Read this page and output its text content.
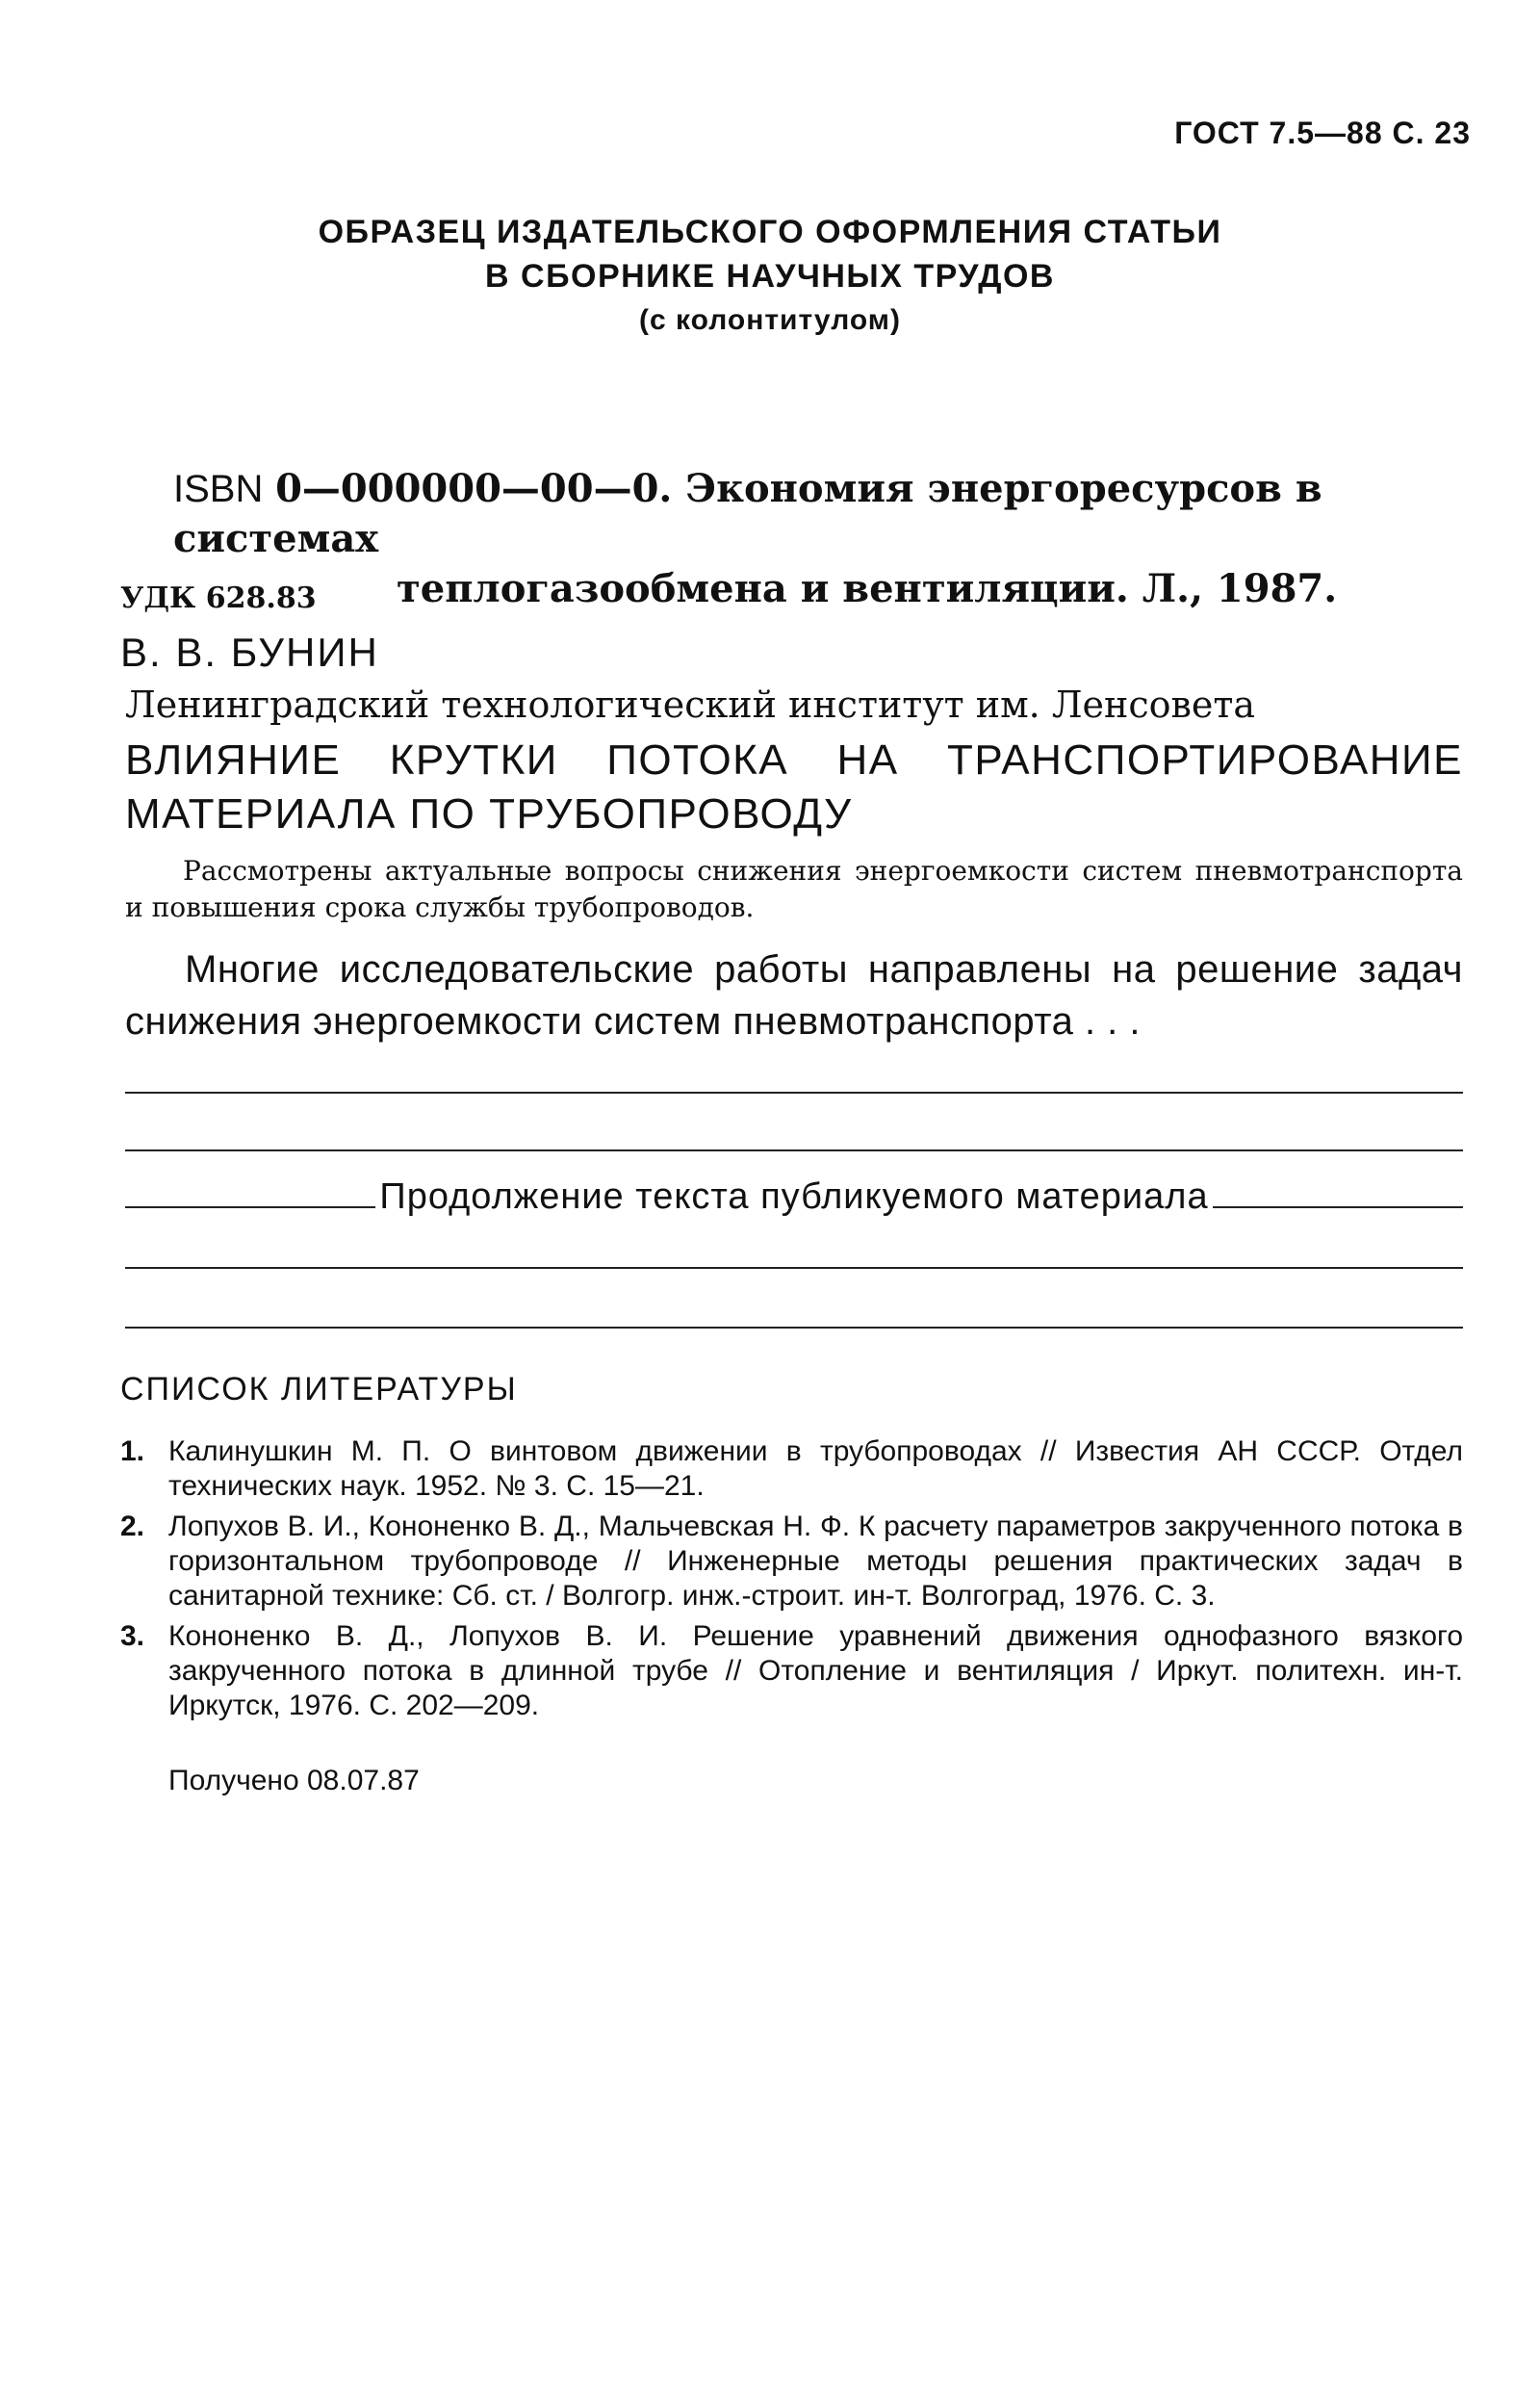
ГОСТ 7.5—88 С. 23
ОБРАЗЕЦ ИЗДАТЕЛЬСКОГО ОФОРМЛЕНИЯ СТАТЬИ
В СБОРНИКЕ НАУЧНЫХ ТРУДОВ
(с колонтитулом)
ISBN 0—000000—00—0. Экономия энергоресурсов в системах
теплогазообмена и вентиляции. Л., 1987.
УДК 628.83
В. В. БУНИН
Ленинградский технологический институт им. Ленсовета
ВЛИЯНИЕ КРУТКИ ПОТОКА НА ТРАНСПОРТИРОВАНИЕ МАТЕРИАЛА ПО ТРУБОПРОВОДУ
Рассмотрены актуальные вопросы снижения энергоемкости систем пневмотранспорта и повышения срока службы трубопроводов.
Многие исследовательские работы направлены на решение задач снижения энергоемкости систем пневмотранспорта . . .
Продолжение текста публикуемого материала
СПИСОК ЛИТЕРАТУРЫ
1. Калинушкин М. П. О винтовом движении в трубопроводах // Известия АН СССР. Отдел технических наук. 1952. № 3. С. 15—21.
2. Лопухов В. И., Кононенко В. Д., Мальчевская Н. Ф. К расчету параметров закрученного потока в горизонтальном трубопроводе // Инженерные методы решения практических задач в санитарной технике: Сб. ст. / Волгогр. инж.-строит. ин-т. Волгоград, 1976. С. 3.
3. Кононенко В. Д., Лопухов В. И. Решение уравнений движения однофазного вязкого закрученного потока в длинной трубе // Отопление и вентиляция / Иркут. политехн. ин-т. Иркутск, 1976. С. 202—209.
Получено 08.07.87
